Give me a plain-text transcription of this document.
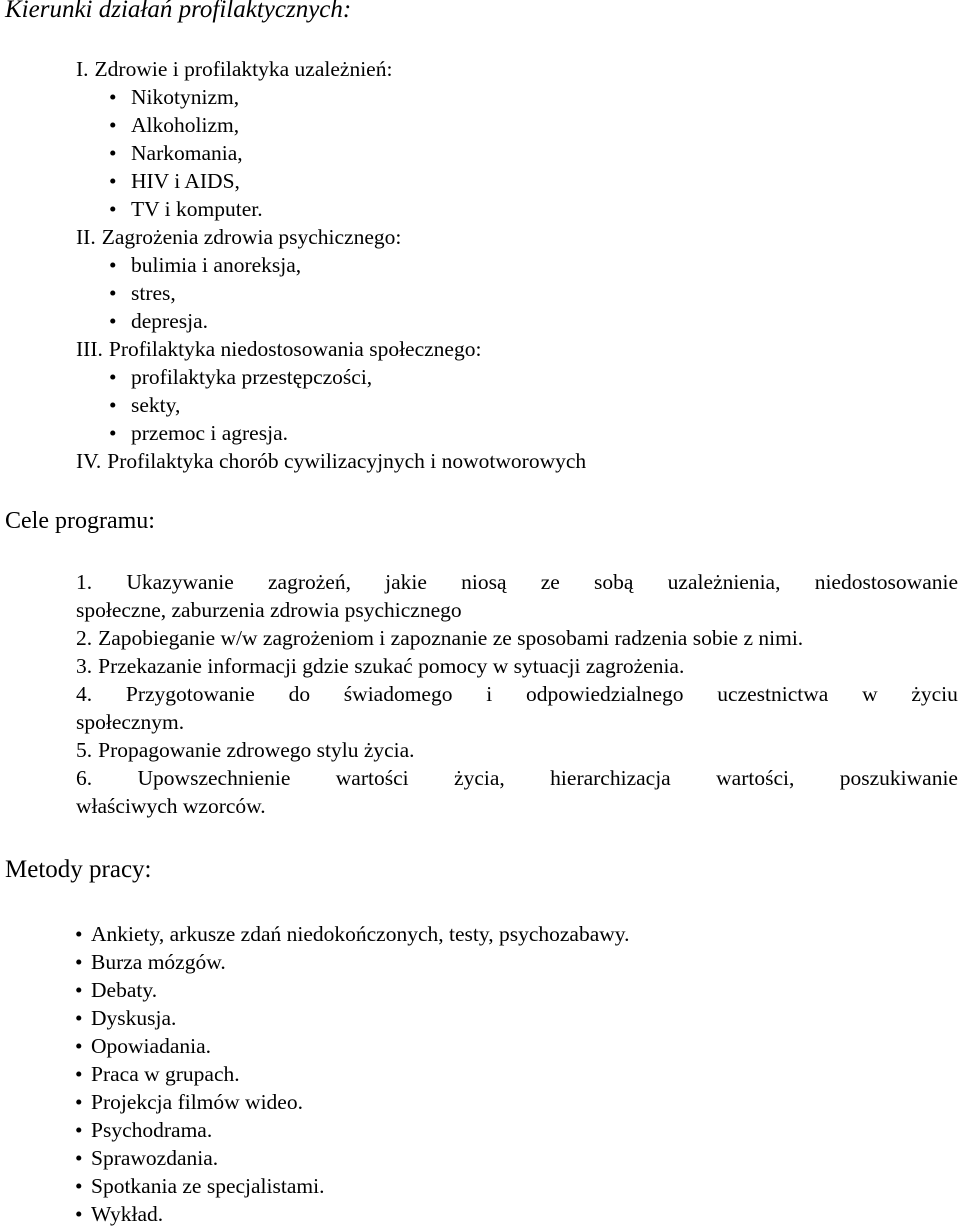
Kierunki działań profilaktycznych:
I. Zdrowie i profilaktyka uzależnień:
• Nikotynizm,
• Alkoholizm,
• Narkomania,
• HIV i AIDS,
• TV i komputer.
II. Zagrożenia zdrowia psychicznego:
• bulimia i anoreksja,
• stres,
• depresja.
III. Profilaktyka niedostosowania społecznego:
• profilaktyka przestępczości,
• sekty,
• przemoc i agresja.
IV. Profilaktyka chorób cywilizacyjnych i nowotworowych
Cele programu:
1. Ukazywanie zagrożeń, jakie niosą ze sobą uzależnienia, niedostosowanie
społeczne, zaburzenia zdrowia psychicznego
2. Zapobieganie w/w zagrożeniom i zapoznanie ze sposobami radzenia sobie z nimi.
3. Przekazanie informacji gdzie szukać pomocy w sytuacji zagrożenia.
4. Przygotowanie do świadomego i odpowiedzialnego uczestnictwa w życiu
społecznym.
5. Propagowanie zdrowego stylu życia.
6. Upowszechnienie wartości życia, hierarchizacja wartości, poszukiwanie
właściwych wzorców.
Metody pracy:
• Ankiety, arkusze zdań niedokończonych, testy, psychozabawy.
• Burza mózgów.
• Debaty.
• Dyskusja.
• Opowiadania.
• Praca w grupach.
• Projekcja filmów wideo.
• Psychodrama.
• Sprawozdania.
• Spotkania ze specjalistami.
• Wykład.
